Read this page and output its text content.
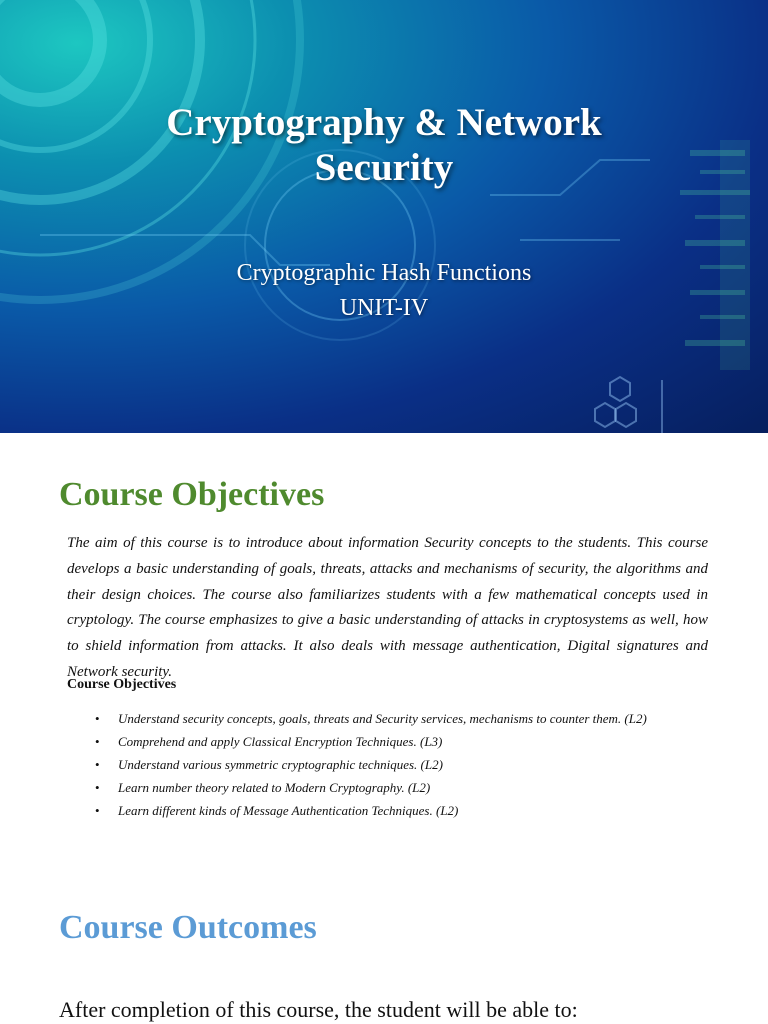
Cryptography & Network
Security
Cryptographic Hash Functions
UNIT-IV
Course Objectives
The aim of this course is to introduce about information Security concepts to the students. This course develops a basic understanding of goals, threats, attacks and mechanisms of security, the algorithms and their design choices. The course also familiarizes students with a few mathematical concepts used in cryptology. The course emphasizes to give a basic understanding of attacks in cryptosystems as well, how to shield information from attacks. It also deals with message authentication, Digital signatures and Network security.
Course Objectives
• Understand security concepts, goals, threats and Security services, mechanisms to counter them. (L2)
• Comprehend and apply Classical Encryption Techniques. (L3)
• Understand various symmetric cryptographic techniques. (L2)
• Learn number theory related to Modern Cryptography. (L2)
• Learn different kinds of Message Authentication Techniques. (L2)
Course Outcomes
After completion of this course, the student will be able to:
